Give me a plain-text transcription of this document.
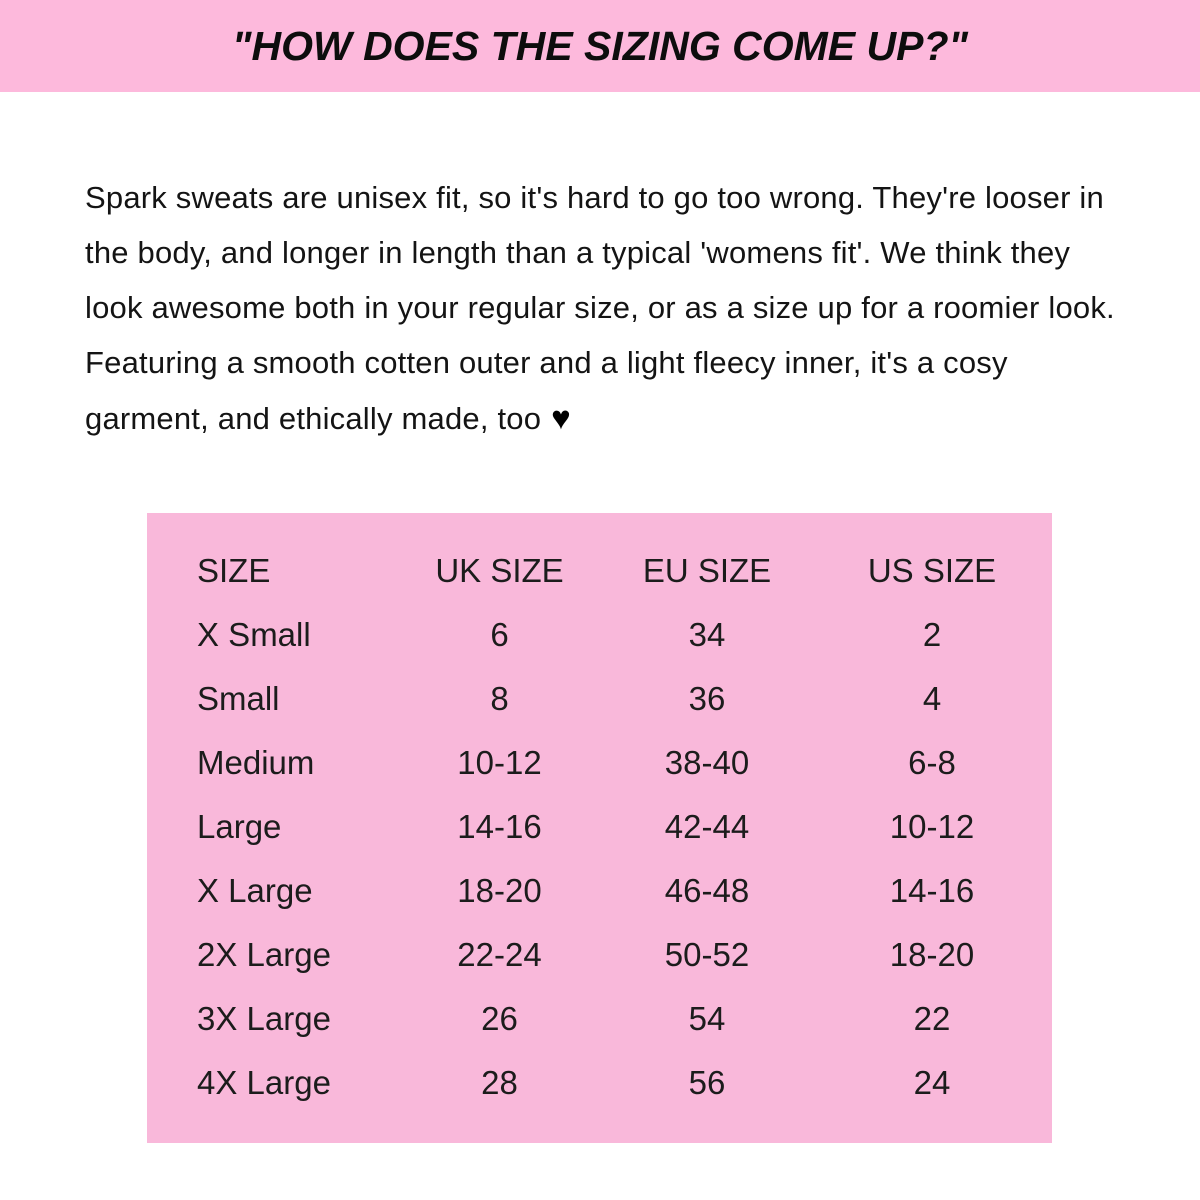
"HOW DOES THE SIZING COME UP?"
Spark sweats are unisex fit, so it's hard to go too wrong. They're looser in the body, and longer in length than a typical 'womens fit'. We think they look awesome both in your regular size, or as a size up for a roomier look. Featuring a smooth cotten outer and a light fleecy inner, it's a cosy garment, and ethically made, too ♥
SIZE	UK SIZE	EU SIZE	US SIZE
X Small	6	34	2
Small	8	36	4
Medium	10-12	38-40	6-8
Large	14-16	42-44	10-12
X Large	18-20	46-48	14-16
2X Large	22-24	50-52	18-20
3X Large	26	54	22
4X Large	28	56	24
